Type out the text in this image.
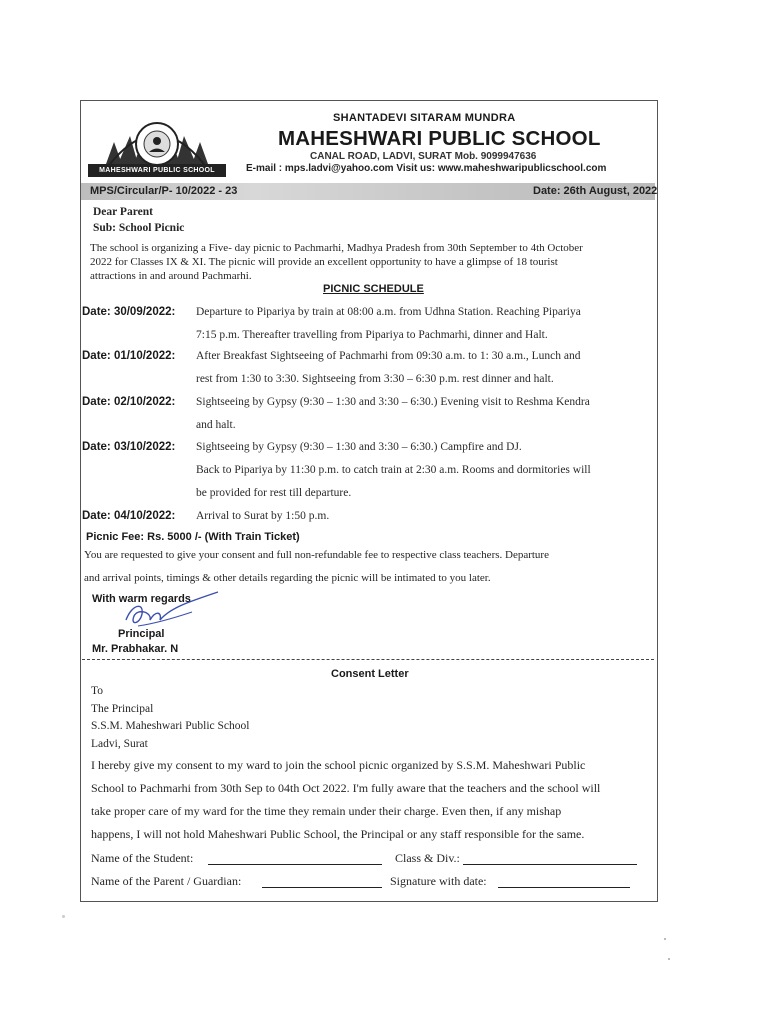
MAHESHWARI PUBLIC SCHOOL
SHANTADEVI SITARAM MUNDRA
MAHESHWARI PUBLIC SCHOOL
CANAL ROAD, LADVI, SURAT Mob. 9099947636
E-mail : mps.ladvi@yahoo.com Visit us: www.maheshwaripublicschool.com
MPS/Circular/P- 10/2022 - 23	Date: 26th August, 2022
Dear Parent
Sub: School Picnic
The school is organizing a Five- day picnic to Pachmarhi, Madhya Pradesh from 30th September to 4th October
2022 for Classes IX & XI. The picnic will provide an excellent opportunity to have a glimpse of 18 tourist
attractions in and around Pachmarhi.
PICNIC SCHEDULE
Date: 30/09/2022: Departure to Pipariya by train at 08:00 a.m. from Udhna Station. Reaching Pipariya
7:15 p.m. Thereafter travelling from Pipariya to Pachmarhi, dinner and Halt.
Date: 01/10/2022: After Breakfast Sightseeing of Pachmarhi from 09:30 a.m. to 1: 30 a.m., Lunch and
rest from 1:30 to 3:30. Sightseeing from 3:30 – 6:30 p.m. rest dinner and halt.
Date: 02/10/2022: Sightseeing by Gypsy (9:30 – 1:30 and 3:30 – 6:30.) Evening visit to Reshma Kendra
and halt.
Date: 03/10/2022: Sightseeing by Gypsy (9:30 – 1:30 and 3:30 – 6:30.) Campfire and DJ.
Back to Pipariya by 11:30 p.m. to catch train at 2:30 a.m. Rooms and dormitories will
be provided for rest till departure.
Date: 04/10/2022: Arrival to Surat by 1:50 p.m.
Picnic Fee: Rs. 5000 /- (With Train Ticket)
You are requested to give your consent and full non-refundable fee to respective class teachers. Departure
and arrival points, timings & other details regarding the picnic will be intimated to you later.
With warm regards
Principal
Mr. Prabhakar. N
Consent Letter
To
The Principal
S.S.M. Maheshwari Public School
Ladvi, Surat
I hereby give my consent to my ward to join the school picnic organized by S.S.M. Maheshwari Public
School to Pachmarhi from 30th Sep to 04th Oct 2022. I'm fully aware that the teachers and the school will
take proper care of my ward for the time they remain under their charge. Even then, if any mishap
happens, I will not hold Maheshwari Public School, the Principal or any staff responsible for the same.
Name of the Student:	Class & Div.:
Name of the Parent / Guardian:	Signature with date:
